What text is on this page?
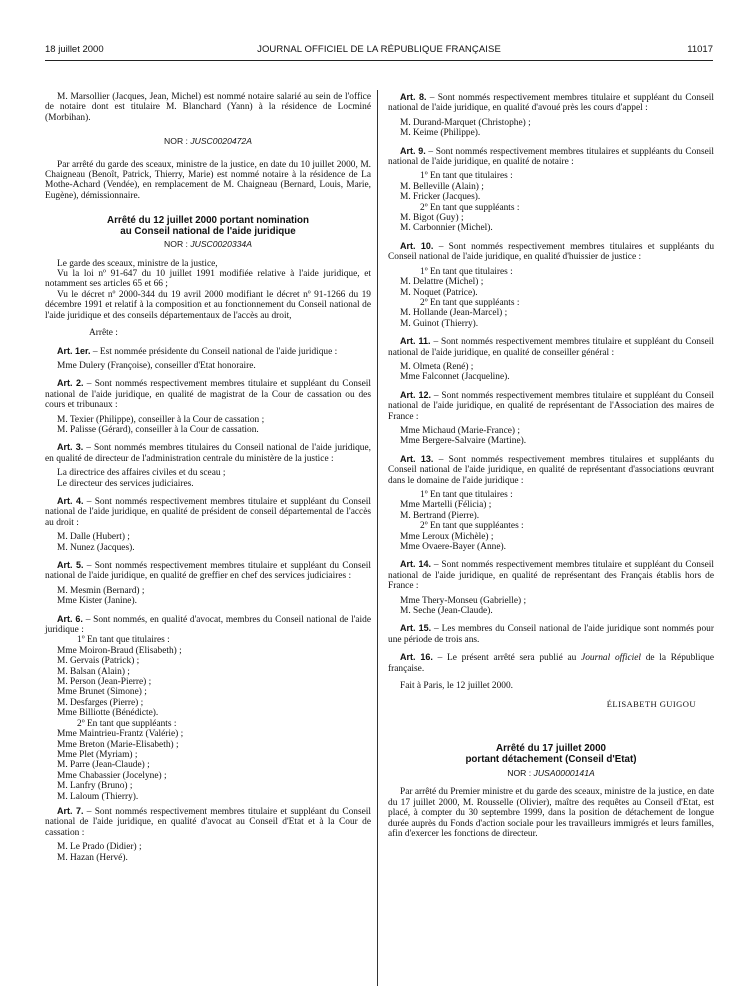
18 juillet 2000	JOURNAL OFFICIEL DE LA RÉPUBLIQUE FRANÇAISE	11017

M. Marsollier (Jacques, Jean, Michel) est nommé notaire salarié au sein de l'office de notaire dont est titulaire M. Blanchard (Yann) à la résidence de Locminé (Morbihan).

NOR : JUSC0020472A

Par arrêté du garde des sceaux, ministre de la justice, en date du 10 juillet 2000, M. Chaigneau (Benoît, Patrick, Thierry, Marie) est nommé notaire à la résidence de La Mothe-Achard (Vendée), en remplacement de M. Chaigneau (Bernard, Louis, Marie, Eugène), démissionnaire.

Arrêté du 12 juillet 2000 portant nomination

au Conseil national de l'aide juridique

NOR : JUSC0020334A

Le garde des sceaux, ministre de la justice,

Vu la loi nº 91-647 du 10 juillet 1991 modifiée relative à l'aide juridique, et notamment ses articles 65 et 66 ;

Vu le décret nº 2000-344 du 19 avril 2000 modifiant le décret nº 91-1266 du 19 décembre 1991 et relatif à la composition et au fonctionnement du Conseil national de l'aide juridique et des conseils départementaux de l'accès au droit,

Arrête :

Art. 1er. – Est nommée présidente du Conseil national de l'aide juridique :

Mme Dulery (Françoise), conseiller d'Etat honoraire.

Art. 2. – Sont nommés respectivement membres titulaire et suppléant du Conseil national de l'aide juridique, en qualité de magistrat de la Cour de cassation ou des cours et tribunaux :

M. Texier (Philippe), conseiller à la Cour de cassation ;

M. Palisse (Gérard), conseiller à la Cour de cassation.

Art. 3. – Sont nommés membres titulaires du Conseil national de l'aide juridique, en qualité de directeur de l'administration centrale du ministère de la justice :

La directrice des affaires civiles et du sceau ;

Le directeur des services judiciaires.

Art. 4. – Sont nommés respectivement membres titulaire et suppléant du Conseil national de l'aide juridique, en qualité de président de conseil départemental de l'accès au droit :

M. Dalle (Hubert) ;

M. Nunez (Jacques).

Art. 5. – Sont nommés respectivement membres titulaire et suppléant du Conseil national de l'aide juridique, en qualité de greffier en chef des services judiciaires :

M. Mesmin (Bernard) ;

Mme Kister (Janine).

Art. 6. – Sont nommés, en qualité d'avocat, membres du Conseil national de l'aide juridique :

1º En tant que titulaires :

Mme Moiron-Braud (Elisabeth) ;

M. Gervais (Patrick) ;

M. Balsan (Alain) ;

M. Person (Jean-Pierre) ;

Mme Brunet (Simone) ;

M. Desfarges (Pierre) ;

Mme Billiotte (Bénédicte).

2º En tant que suppléants :

Mme Maintrieu-Frantz (Valérie) ;

Mme Breton (Marie-Elisabeth) ;

Mme Plet (Myriam) ;

M. Parre (Jean-Claude) ;

Mme Chabassier (Jocelyne) ;

M. Lanfry (Bruno) ;

M. Laloum (Thierry).

Art. 7. – Sont nommés respectivement membres titulaire et suppléant du Conseil national de l'aide juridique, en qualité d'avocat au Conseil d'Etat et à la Cour de cassation :

M. Le Prado (Didier) ;

M. Hazan (Hervé).

Art. 8. – Sont nommés respectivement membres titulaire et suppléant du Conseil national de l'aide juridique, en qualité d'avoué près les cours d'appel :

M. Durand-Marquet (Christophe) ;

M. Keime (Philippe).

Art. 9. – Sont nommés respectivement membres titulaires et suppléants du Conseil national de l'aide juridique, en qualité de notaire :

1º En tant que titulaires :

M. Belleville (Alain) ;

M. Fricker (Jacques).

2º En tant que suppléants :

M. Bigot (Guy) ;

M. Carbonnier (Michel).

Art. 10. – Sont nommés respectivement membres titulaires et suppléants du Conseil national de l'aide juridique, en qualité d'huissier de justice :

1º En tant que titulaires :

M. Delattre (Michel) ;

M. Noquet (Patrice).

2º En tant que suppléants :

M. Hollande (Jean-Marcel) ;

M. Guinot (Thierry).

Art. 11. – Sont nommés respectivement membres titulaire et suppléant du Conseil national de l'aide juridique, en qualité de conseiller général :

M. Olmeta (René) ;

Mme Falconnet (Jacqueline).

Art. 12. – Sont nommés respectivement membres titulaire et suppléant du Conseil national de l'aide juridique, en qualité de représentant de l'Association des maires de France :

Mme Michaud (Marie-France) ;

Mme Bergere-Salvaire (Martine).

Art. 13. – Sont nommés respectivement membres titulaires et suppléants du Conseil national de l'aide juridique, en qualité de représentant d'associations œuvrant dans le domaine de l'aide juridique :

1º En tant que titulaires :

Mme Martelli (Félicia) ;

M. Bertrand (Pierre).

2º En tant que suppléantes :

Mme Leroux (Michèle) ;

Mme Ovaere-Bayer (Anne).

Art. 14. – Sont nommés respectivement membres titulaire et suppléant du Conseil national de l'aide juridique, en qualité de représentant des Français établis hors de France :

Mme Thery-Monseu (Gabrielle) ;

M. Seche (Jean-Claude).

Art. 15. – Les membres du Conseil national de l'aide juridique sont nommés pour une période de trois ans.

Art. 16. – Le présent arrêté sera publié au Journal officiel de la République française.

Fait à Paris, le 12 juillet 2000.

ÉLISABETH GUIGOU

Arrêté du 17 juillet 2000

portant détachement (Conseil d'Etat)

NOR : JUSA0000141A

Par arrêté du Premier ministre et du garde des sceaux, ministre de la justice, en date du 17 juillet 2000, M. Rousselle (Olivier), maître des requêtes au Conseil d'Etat, est placé, à compter du 30 septembre 1999, dans la position de détachement de longue durée auprès du Fonds d'action sociale pour les travailleurs immigrés et leurs familles, afin d'exercer les fonctions de directeur.
